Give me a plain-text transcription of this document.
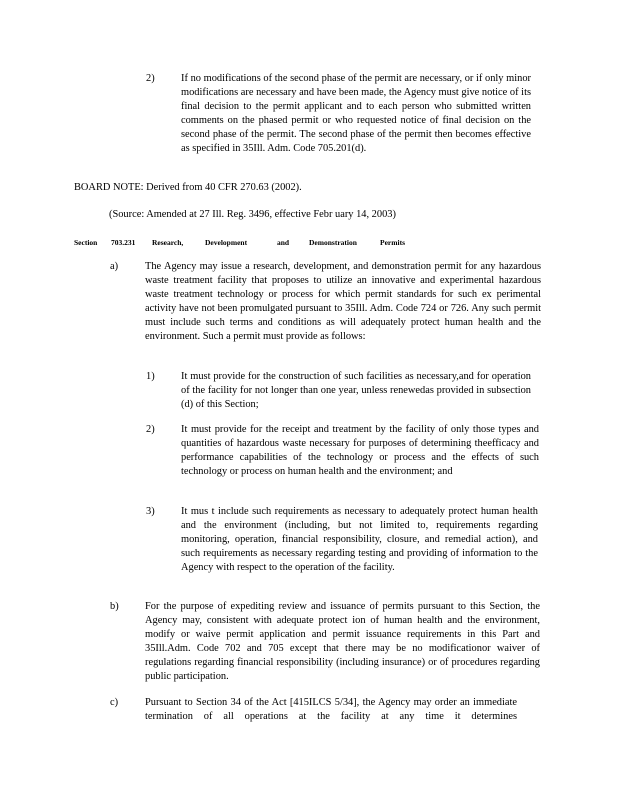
2)	If no modifications of the second phase of the permit are necessary, or if only minor modifications are necessary and have been made, the Agency must give notice of its final decision to the permit applicant and to each person who submitted written comments on the phased permit or who requested notice of final decision on the second phase of the permit. The second phase of the permit then becomes effective as specified in 35Ill. Adm. Code 705.201(d).

BOARD NOTE: Derived from 40 CFR 270.63 (2002).

(Source: Amended at 27 Ill. Reg. 3496, effective Febr uary 14, 2003)

Section 703.231 Research,	Development	and	Demonstration	Permits
a)	The Agency may issue a research, development, and demonstration permit for any hazardous waste treatment facility that proposes to utilize an innovative and experimental hazardous waste treatment technology or process for which permit standards for such ex perimental activity have not been promulgated pursuant to 35Ill. Adm. Code 724 or 726. Any such permit must include such terms and conditions as will adequately protect human health and the environment. Such a permit must provide as follows:

1)	It must provide for the construction of such facilities as necessary,and for operation of the facility for not longer than one year, unless renewedas provided in subsection (d) of this Section;

2)	It must provide for the receipt and treatment by the facility of only those types and quantities of hazardous waste necessary for purposes of determining theefficacy and performance capabilities of the technology or process and the effects of such technology or process on human health and the environment; and

3)	It mus t include such requirements as necessary to adequately protect human health and the environment (including, but not limited to, requirements regarding monitoring, operation, financial responsibility, closure, and remedial action), and such requirements as necessary regarding testing and providing of information to the Agency with respect to the operation of the facility.

b)	For the purpose of expediting review and issuance of permits pursuant to this Section, the Agency may, consistent with adequate protect ion of human health and the environment, modify or waive permit application and permit issuance requirements in this Part and 35Ill.Adm. Code 702 and 705 except that there may be no modificationor waiver of regulations regarding financial responsibility (including insurance) or of procedures regarding public participation.

c)	Pursuant to Section 34 of the Act [415ILCS 5/34], the Agency may order an immediate termination of all operations at the facility at any time it determines
